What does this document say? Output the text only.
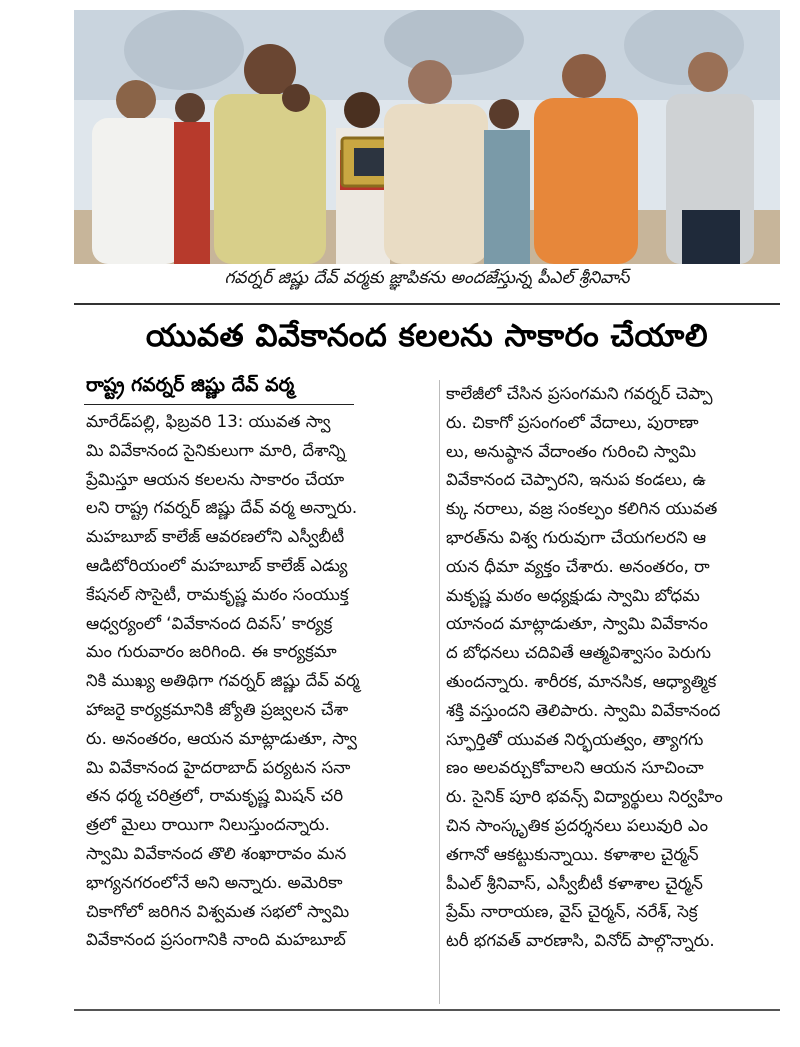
గవర్నర్ జిష్ణు దేవ్ వర్మకు జ్ఞాపికను అందజేస్తున్న పీఎల్ శ్రీనివాస్
యువత వివేకానంద కలలను సాకారం చేయాలి
రాష్ట్ర గవర్నర్ జిష్ణు దేవ్ వర్మ
మారేడ్‌పల్లి, ఫిబ్రవరి 13: యువత స్వా
మి వివేకానంద సైనికులుగా మారి, దేశాన్ని
ప్రేమిస్తూ ఆయన కలలను సాకారం చేయా
లని రాష్ట్ర గవర్నర్ జిష్ణు దేవ్ వర్మ అన్నారు.
మహబూబ్ కాలేజ్ ఆవరణలోని ఎస్వీబీటీ
ఆడిటోరియంలో మహబూబ్ కాలేజ్ ఎడ్యు
కేషనల్ సొసైటీ, రామకృష్ణ మఠం సంయుక్త
ఆధ్వర్యంలో ‘వివేకానంద దివస్’ కార్యక్ర
మం గురువారం జరిగింది. ఈ కార్యక్రమా
నికి ముఖ్య అతిథిగా గవర్నర్ జిష్ణు దేవ్ వర్మ
హాజరై కార్యక్రమానికి జ్యోతి ప్రజ్వలన చేశా
రు. అనంతరం, ఆయన మాట్లాడుతూ, స్వా
మి వివేకానంద హైదరాబాద్ పర్యటన సనా
తన ధర్మ చరిత్రలో, రామకృష్ణ మిషన్ చరి
త్రలో మైలు రాయిగా నిలుస్తుందన్నారు.
స్వామి వివేకానంద తొలి శంఖారావం మన
భాగ్యనగరంలోనే అని అన్నారు. అమెరికా
చికాగోలో జరిగిన విశ్వమత సభలో స్వామి
వివేకానంద ప్రసంగానికి నాంది మహబూబ్
కాలేజీలో చేసిన ప్రసంగమని గవర్నర్ చెప్పా
రు. చికాగో ప్రసంగంలో వేదాలు, పురాణా
లు, అనుష్ఠాన వేదాంతం గురించి స్వామి
వివేకానంద చెప్పారని, ఇనుప కండలు, ఉ
క్కు నరాలు, వజ్ర సంకల్పం కలిగిన యువత
భారత్‌ను విశ్వ గురువుగా చేయగలరని ఆ
యన ధీమా వ్యక్తం చేశారు. అనంతరం, రా
మకృష్ణ మఠం అధ్యక్షుడు స్వామి బోధమ
యానంద మాట్లాడుతూ, స్వామి వివేకానం
ద బోధనలు చదివితే ఆత్మవిశ్వాసం పెరుగు
తుందన్నారు. శారీరక, మానసిక, ఆధ్యాత్మిక
శక్తి వస్తుందని తెలిపారు. స్వామి వివేకానంద
స్ఫూర్తితో యువత నిర్భయత్వం, త్యాగగు
ణం అలవర్చుకోవాలని ఆయన సూచించా
రు. సైనిక్ పూరి భవన్స్ విద్యార్థులు నిర్వహిం
చిన సాంస్కృతిక ప్రదర్శనలు పలువురి ఎం
తగానో ఆకట్టుకున్నాయి. కళాశాల చైర్మన్
పీఎల్ శ్రీనివాస్, ఎస్వీబీటీ కళాశాల చైర్మన్
ప్రేమ్ నారాయణ, వైస్ చైర్మన్, నరేశ్, సెక్ర
టరీ భగవత్ వారణాసి, వినోద్ పాల్గొన్నారు.
